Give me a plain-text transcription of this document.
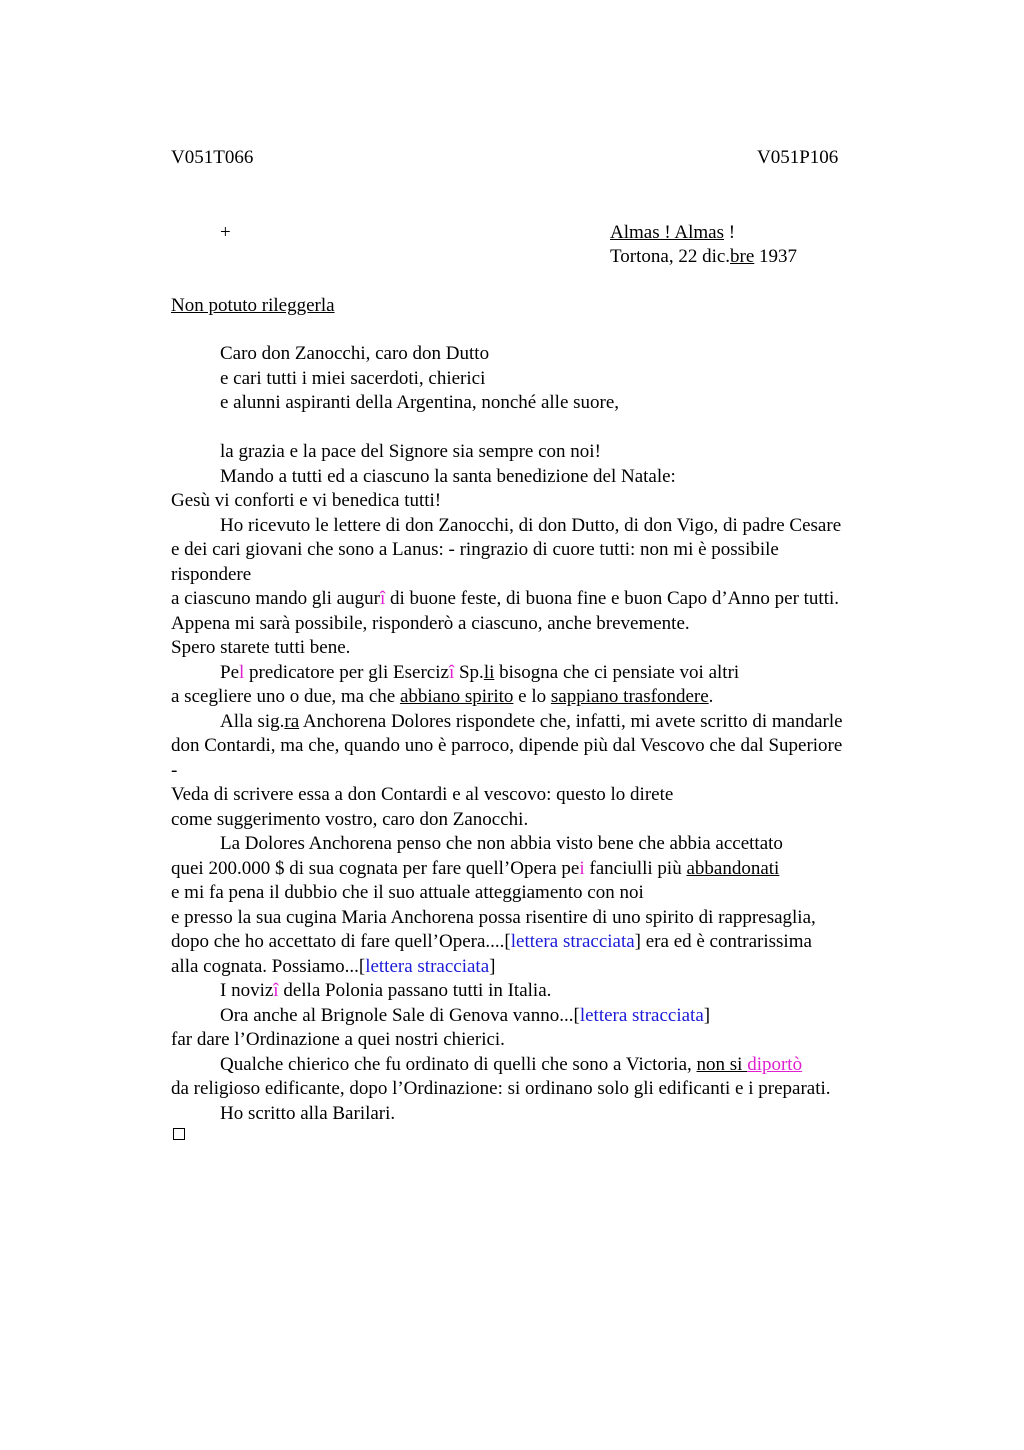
V051T066	V051P106
+	Almas ! Almas !
Tortona, 22 dic.bre 1937
Non potuto rileggerla
Caro don Zanocchi, caro don Dutto
e cari tutti i miei sacerdoti, chierici
e alunni aspiranti della Argentina, nonché alle suore,
la grazia e la pace del Signore sia sempre con noi!
Mando a tutti ed a ciascuno la santa benedizione del Natale:
Gesù vi conforti e vi benedica tutti!
Ho ricevuto le lettere di don Zanocchi, di don Dutto, di don Vigo, di padre Cesare
e dei cari giovani che sono a Lanus: - ringrazio di cuore tutti: non mi è possibile
rispondere
a ciascuno mando gli augurî di buone feste, di buona fine e buon Capo d’Anno per tutti.
Appena mi sarà possibile, risponderò a ciascuno, anche brevemente.
Spero starete tutti bene.
Pel predicatore per gli Esercizî Sp.li bisogna che ci pensiate voi altri
a scegliere uno o due, ma che abbiano spirito e lo sappiano trasfondere.
Alla sig.ra Anchorena Dolores rispondete che, infatti, mi avete scritto di mandarle
don Contardi, ma che, quando uno è parroco, dipende più dal Vescovo che dal Superiore
-
Veda di scrivere essa a don Contardi e al vescovo: questo lo direte
come suggerimento vostro, caro don Zanocchi.
La Dolores Anchorena penso che non abbia visto bene che abbia accettato
quei 200.000 $ di sua cognata per fare quell’Opera pei fanciulli più abbandonati
e mi fa pena il dubbio che il suo attuale atteggiamento con noi
e presso la sua cugina Maria Anchorena possa risentire di uno spirito di rappresaglia,
dopo che ho accettato di fare quell’Opera....[lettera stracciata] era ed è contrarissima
alla cognata. Possiamo...[lettera stracciata]
I novizî della Polonia passano tutti in Italia.
Ora anche al Brignole Sale di Genova vanno...[lettera stracciata]
far dare l’Ordinazione a quei nostri chierici.
Qualche chierico che fu ordinato di quelli che sono a Victoria, non si diportò
da religioso edificante, dopo l’Ordinazione: si ordinano solo gli edificanti e i preparati.
Ho scritto alla Barilari.
